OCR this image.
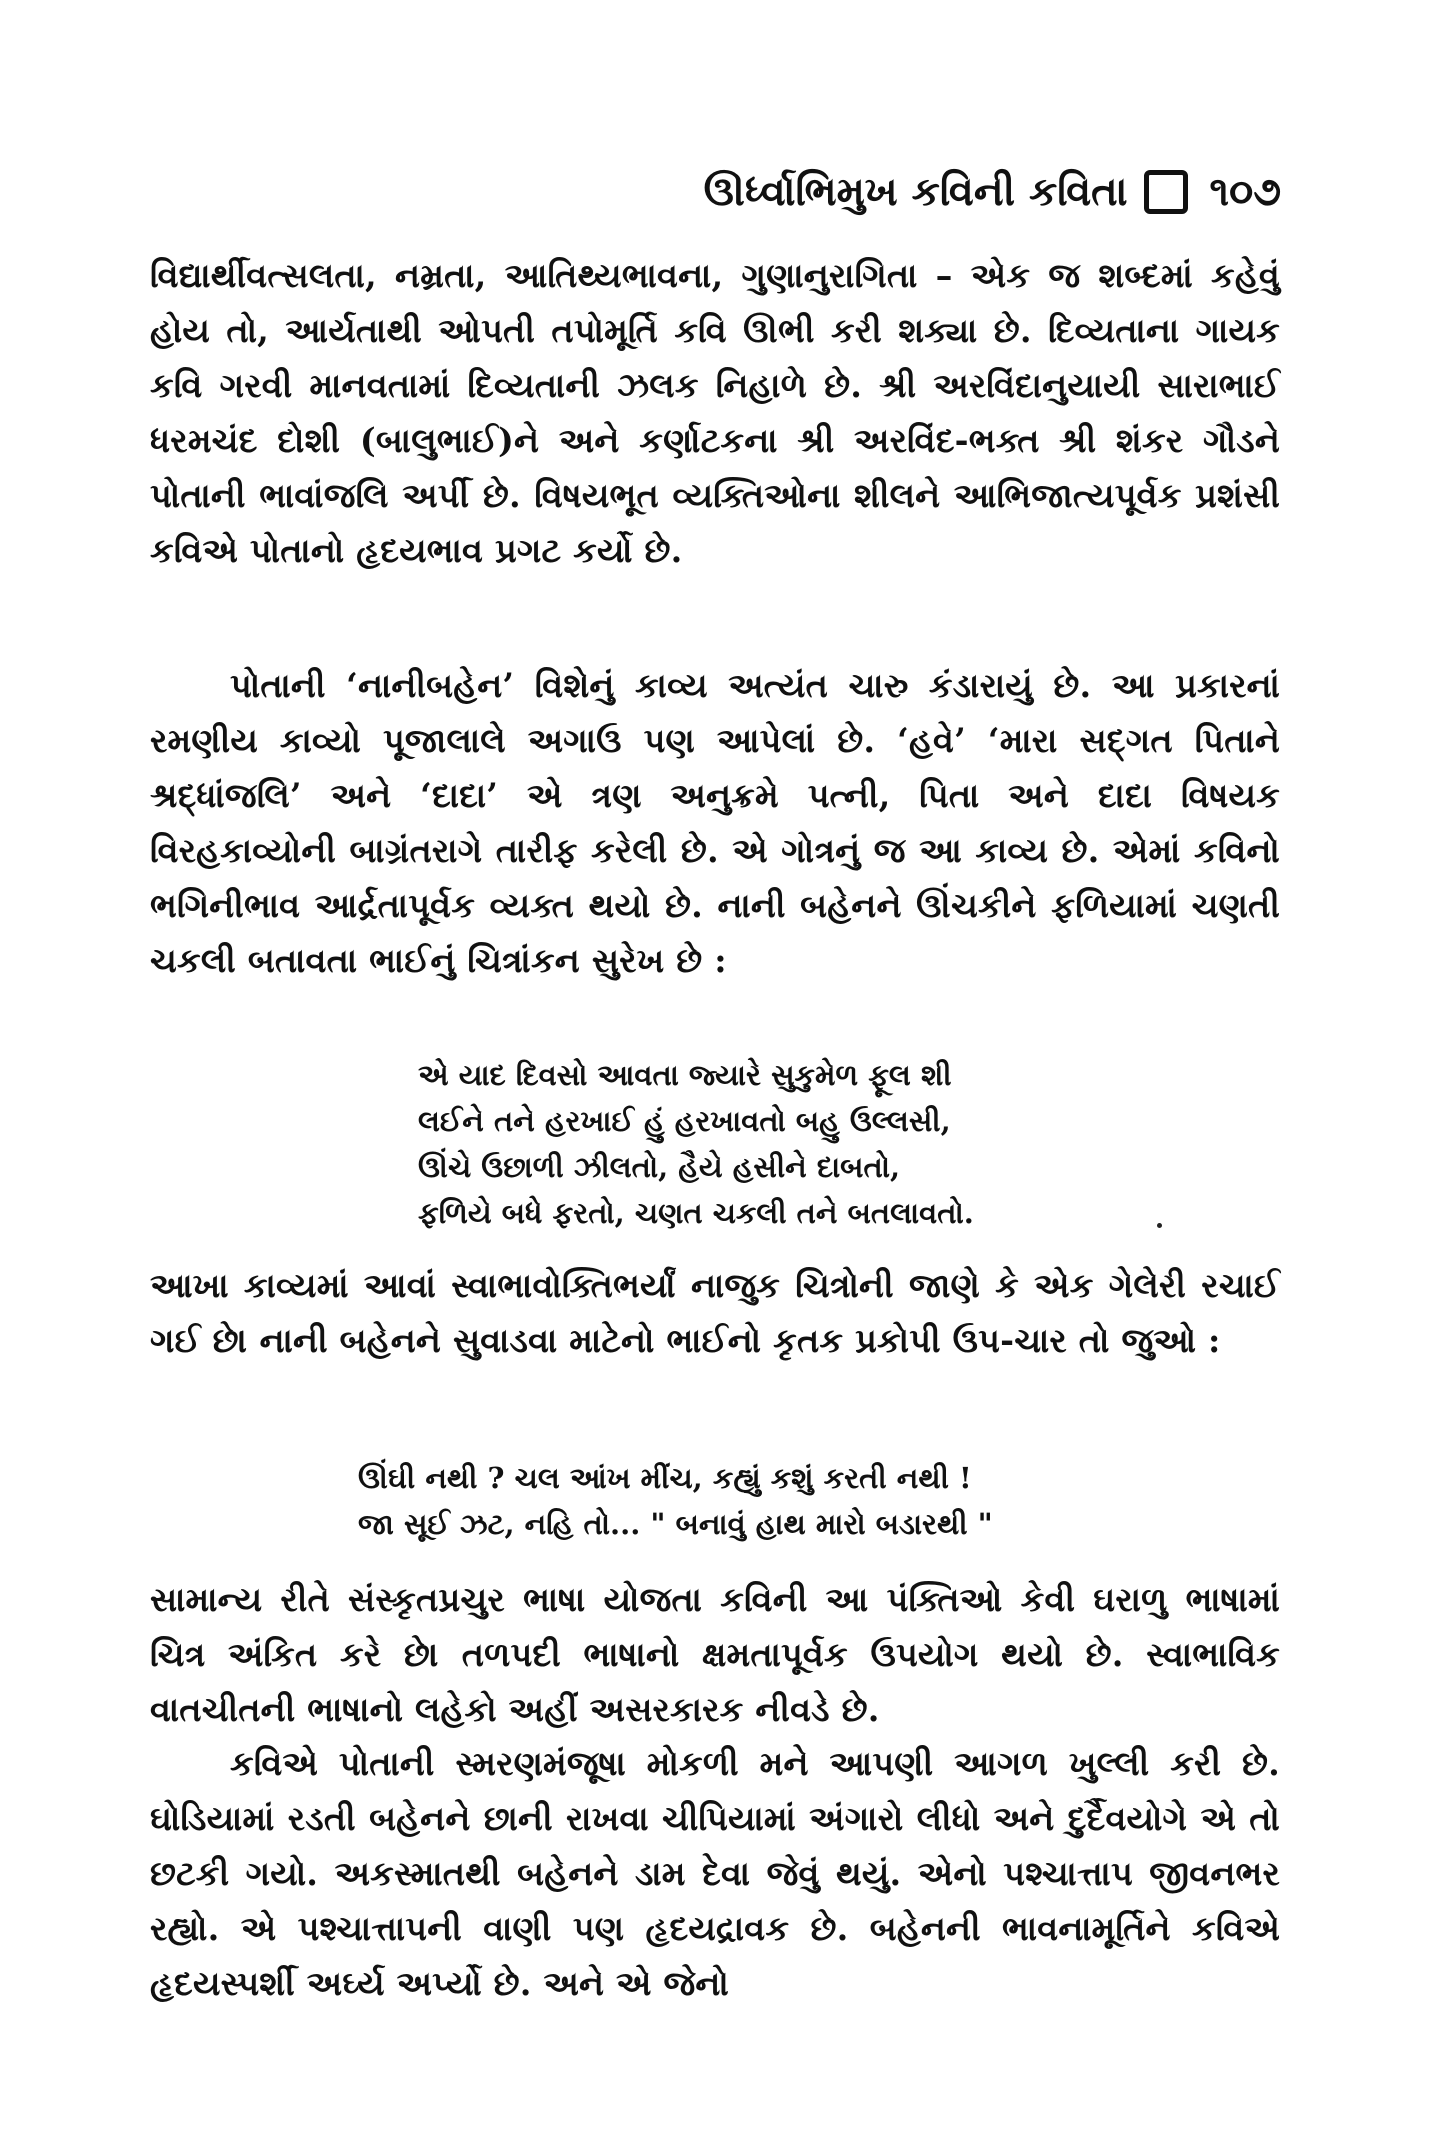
ઊર્ધ્વાભિમુખ કવિની કવિતા ૧૦૭

વિદ્યાર્થીવત્સલતા, નમ્રતા, આતિથ્યભાવના, ગુણાનુરાગિતા – એક જ શબ્દમાં કહેવું હોય તો, આર્યતાથી ઓપતી તપોમૂર્તિ કવિ ઊભી કરી શક્યા છે. દિવ્યતાના ગાયક કવિ ગરવી માનવતામાં દિવ્યતાની ઝલક નિહાળે છે. શ્રી અરવિંદાનુયાયી સારાભાઈ ધરમચંદ દોશી (બાલુભાઈ)ને અને કર્ણાટકના શ્રી અરવિંદ-ભક્ત શ્રી શંકર ગૌડને પોતાની ભાવાંજલિ અર્પી છે. વિષયભૂત વ્યક્તિઓના શીલને આભિજાત્યપૂર્વક પ્રશંસી કવિએ પોતાનો હૃદયભાવ પ્રગટ કર્યો છે.

પોતાની ‘નાનીબહેન’ વિશેનું કાવ્ય અત્યંત ચારુ કંડારાયું છે. આ પ્રકારનાં રમણીય કાવ્યો પૂજાલાલે અગાઉ પણ આપેલાં છે. ‘હવે’ ‘મારા સદ્ગત પિતાને શ્રદ્ધાંજલિ’ અને ‘દાદા’ એ ત્રણ અનુક્રમે પત્ની, પિતા અને દાદા વિષયક વિરહકાવ્યોની બાગ્રંતરાગે તારીફ કરેલી છે. એ ગોત્રનું જ આ કાવ્ય છે. એમાં કવિનો ભગિનીભાવ આર્દ્રતાપૂર્વક વ્યક્ત થયો છે. નાની બહેનને ઊંચકીને ફળિયામાં ચણતી ચકલી બતાવતા ભાઈનું ચિત્રાંકન સુરેખ છે :

એ યાદ દિવસો આવતા જ્યારે સુકુમેળ ફૂલ શી
લઈને તને હરખાઈ હું હરખાવતો બહુ ઉલ્લસી,
ઊંચે ઉછાળી ઝીલતો, હૈયે હસીને દાબતો,
ફળિયે બધે ફરતો, ચણત ચકલી તને બતલાવતો.

આખા કાવ્યમાં આવાં સ્વાભાવોક્તિભર્યાં નાજુક ચિત્રોની જાણે કે એક ગેલેરી રચાઈ ગઈ છે। નાની બહેનને સુવાડવા માટેનો ભાઈનો કૃતક પ્રકોપી ઉપ-ચાર તો જુઓ :

ઊંઘી નથી ? ચલ આંખ મીંચ, કહ્યું કશું કરતી નથી !
જા સૂઈ ઝટ, નહિ તો... " બનાવું હાથ મારો બડારથી "

સામાન્ય રીતે સંસ્કૃતપ્રચુર ભાષા યોજતા કવિની આ પંક્તિઓ કેવી ઘરાળુ ભાષામાં ચિત્ર અંકિત કરે છે। તળપદી ભાષાનો ક્ષમતાપૂર્વક ઉપયોગ થયો છે. સ્વાભાવિક વાતચીતની ભાષાનો લહેકો અહીં અસરકારક નીવડે છે.

કવિએ પોતાની સ્મરણમંજૂષા મોકળી મને આપણી આગળ ખુલ્લી કરી છે. ઘોડિયામાં રડતી બહેનને છાની રાખવા ચીપિયામાં અંગારો લીધો અને દુર્દૈવયોગે એ તો છટકી ગયો. અકસ્માતથી બહેનને ડામ દેવા જેવું થયું. એનો પશ્ચાત્તાપ જીવનભર રહ્યો. એ પશ્ચાત્તાપની વાણી પણ હૃદયદ્રાવક છે. બહેનની ભાવનામૂર્તિને કવિએ હૃદયસ્પર્શી અર્ઘ્ય અર્પ્યો છે. અને એ જેનો
